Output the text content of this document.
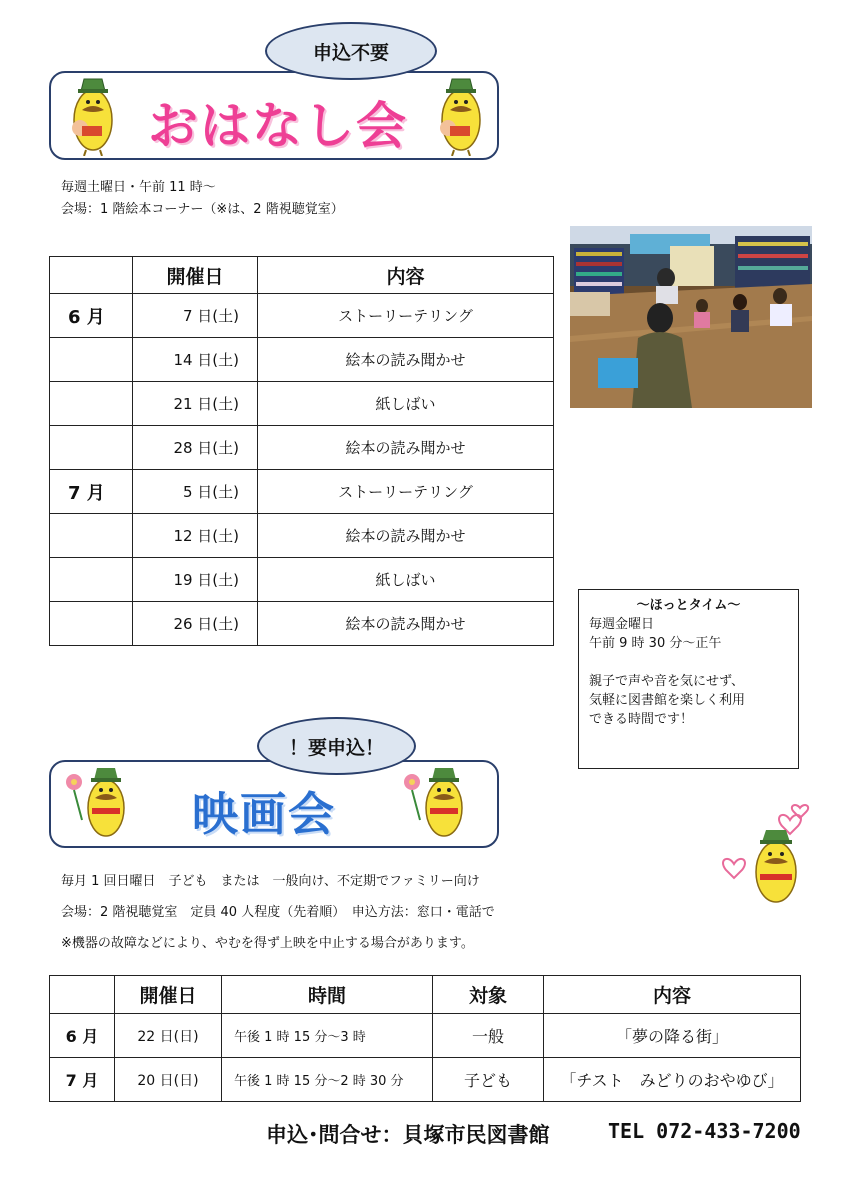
申込不要
おはなし会
毎週土曜日・午前 11 時～
会場：1 階絵本コーナー（※は、2 階視聴覚室）
	開催日	内容
6 月	7 日(土)	ストーリーテリング
	14 日(土)	絵本の読み聞かせ
	21 日(土)	紙しばい
	28 日(土)	絵本の読み聞かせ
7 月	5 日(土)	ストーリーテリング
	12 日(土)	絵本の読み聞かせ
	19 日(土)	紙しばい
	26 日(土)	絵本の読み聞かせ
～ほっとタイム～
毎週金曜日
午前 9 時 30 分～正午
親子で声や音を気にせず、
気軽に図書館を楽しく利用
できる時間です！
！要申込！
映画会
毎月 1 回日曜日　子ども　または　一般向け、不定期でファミリー向け
会場：2 階視聴覚室　定員 40 人程度（先着順）　申込方法：窓口・電話で
※機器の故障などにより、やむを得ず上映を中止する場合があります。
	開催日	時間	対象	内容
6 月	22 日(日)	午後 1 時 15 分～3 時	一般	「夢の降る街」
7 月	20 日(日)	午後 1 時 15 分～2 時 30 分	子ども	「チスト　みどりのおやゆび」
申込･問合せ：貝塚市民図書館	TEL 072-433-7200
